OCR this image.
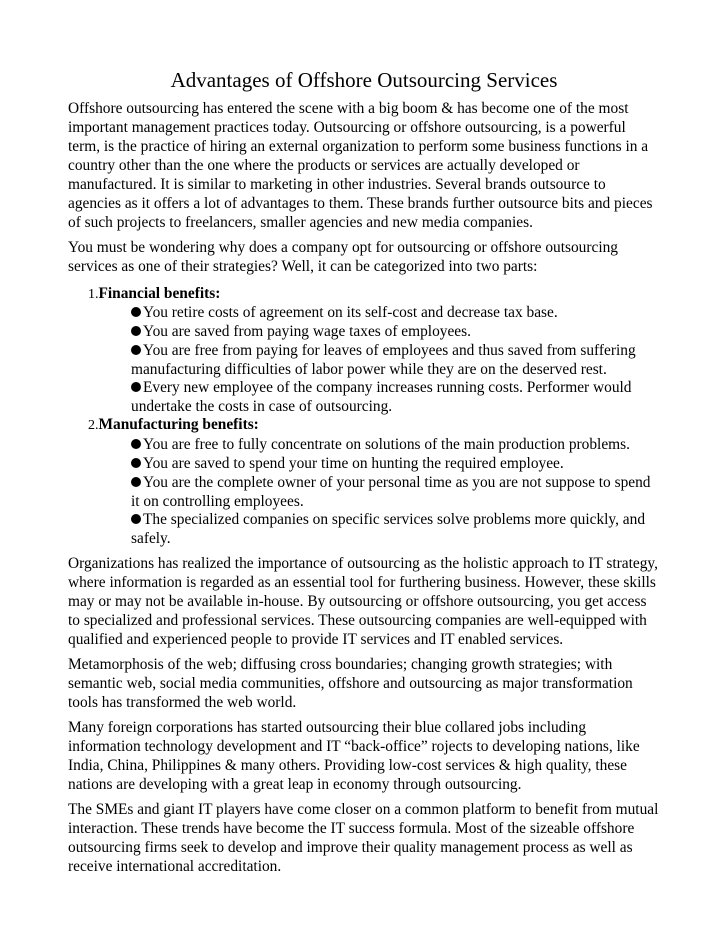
Advantages of Offshore Outsourcing Services
Offshore outsourcing has entered the scene with a big boom & has become one of the most
important management practices today. Outsourcing or offshore outsourcing, is a powerful
term, is the practice of hiring an external organization to perform some business functions in a
country other than the one where the products or services are actually developed or
manufactured. It is similar to marketing in other industries. Several brands outsource to
agencies as it offers a lot of advantages to them. These brands further outsource bits and pieces
of such projects to freelancers, smaller agencies and new media companies.
You must be wondering why does a company opt for outsourcing or offshore outsourcing
services as one of their strategies? Well, it can be categorized into two parts:
1.Financial benefits:
You retire costs of agreement on its self-cost and decrease tax base.
You are saved from paying wage taxes of employees.
You are free from paying for leaves of employees and thus saved from suffering
manufacturing difficulties of labor power while they are on the deserved rest.
Every new employee of the company increases running costs. Performer would
undertake the costs in case of outsourcing.
2.Manufacturing benefits:
You are free to fully concentrate on solutions of the main production problems.
You are saved to spend your time on hunting the required employee.
You are the complete owner of your personal time as you are not suppose to spend
it on controlling employees.
The specialized companies on specific services solve problems more quickly, and
safely.
Organizations has realized the importance of outsourcing as the holistic approach to IT strategy,
where information is regarded as an essential tool for furthering business. However, these skills
may or may not be available in-house. By outsourcing or offshore outsourcing, you get access
to specialized and professional services. These outsourcing companies are well-equipped with
qualified and experienced people to provide IT services and IT enabled services.
Metamorphosis of the web; diffusing cross boundaries; changing growth strategies; with
semantic web, social media communities, offshore and outsourcing as major transformation
tools has transformed the web world.
Many foreign corporations has started outsourcing their blue collared jobs including
information technology development and IT “back-office” rojects to developing nations, like
India, China, Philippines & many others. Providing low-cost services & high quality, these
nations are developing with a great leap in economy through outsourcing.
The SMEs and giant IT players have come closer on a common platform to benefit from mutual
interaction. These trends have become the IT success formula. Most of the sizeable offshore
outsourcing firms seek to develop and improve their quality management process as well as
receive international accreditation.
